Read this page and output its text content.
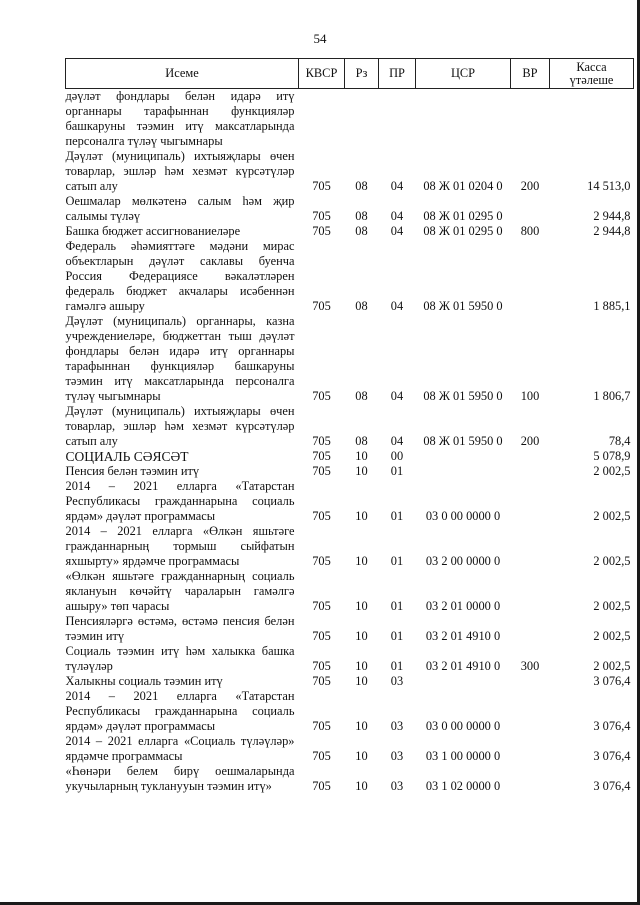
54
Исеме	КВСР	Рз	ПР	ЦСР	ВР	Касса
үтәлеше

дәүләт фондлары белән идарә итү органнары тарафыннан функцияләр башкаруны тәэмин итү максатларында персоналга түләү чыгымнары						
Дәүләт (муниципаль) ихтыяҗлары өчен товарлар, эшләр һәм хезмәт күрсәтүләр сатып алу	705	08	04	08 Ж 01 0204 0	200	14 513,0
Оешмалар мөлкәтенә салым һәм җир салымы түләү	705	08	04	08 Ж 01 0295 0		2 944,8
Башка бюджет ассигнованиеләре	705	08	04	08 Ж 01 0295 0	800	2 944,8
Федераль әһәмияттәге мәдәни мирас объектларын дәүләт саклавы буенча Россия Федерациясе вәкаләтләрен федераль бюджет акчалары исәбеннән гамәлгә ашыру	705	08	04	08 Ж 01 5950 0		1 885,1
Дәүләт (муниципаль) органнары, казна учреждениеләре, бюджеттан тыш дәүләт фондлары белән идарә итү органнары тарафыннан функцияләр башкаруны тәэмин итү максатларында персоналга түләү чыгымнары	705	08	04	08 Ж 01 5950 0	100	1 806,7
Дәүләт (муниципаль) ихтыяҗлары өчен товарлар, эшләр һәм хезмәт күрсәтүләр сатып алу	705	08	04	08 Ж 01 5950 0	200	78,4
СОЦИАЛЬ СӘЯСӘТ	705	10	00			5 078,9
Пенсия белән тәэмин итү	705	10	01			2 002,5
2014 – 2021 елларга «Татарстан Республикасы гражданнарына социаль ярдәм» дәүләт программасы	705	10	01	03 0 00 0000 0		2 002,5
2014 – 2021 елларга «Өлкән яшьтәге гражданнарның тормыш сыйфатын яхшырту» ярдәмче программасы	705	10	01	03 2 00 0000 0		2 002,5
«Өлкән яшьтәге гражданнарның социаль яклануын көчәйтү чараларын гамәлгә ашыру» төп чарасы	705	10	01	03 2 01 0000 0		2 002,5
Пенсияләргә өстәмә, өстәмә пенсия белән тәэмин итү	705	10	01	03 2 01 4910 0		2 002,5
Социаль тәэмин итү һәм халыкка башка түләүләр	705	10	01	03 2 01 4910 0	300	2 002,5
Халыкны социаль тәэмин итү	705	10	03			3 076,4
2014 – 2021 елларга «Татарстан Республикасы гражданнарына социаль ярдәм» дәүләт программасы	705	10	03	03 0 00 0000 0		3 076,4
2014 – 2021 елларга «Социаль түләүләр» ярдәмче программасы	705	10	03	03 1 00 0000 0		3 076,4
«Һөнәри белем бирү оешмаларында укучыларның тукланууын тәэмин итү»	705	10	03	03 1 02 0000 0		3 076,4
